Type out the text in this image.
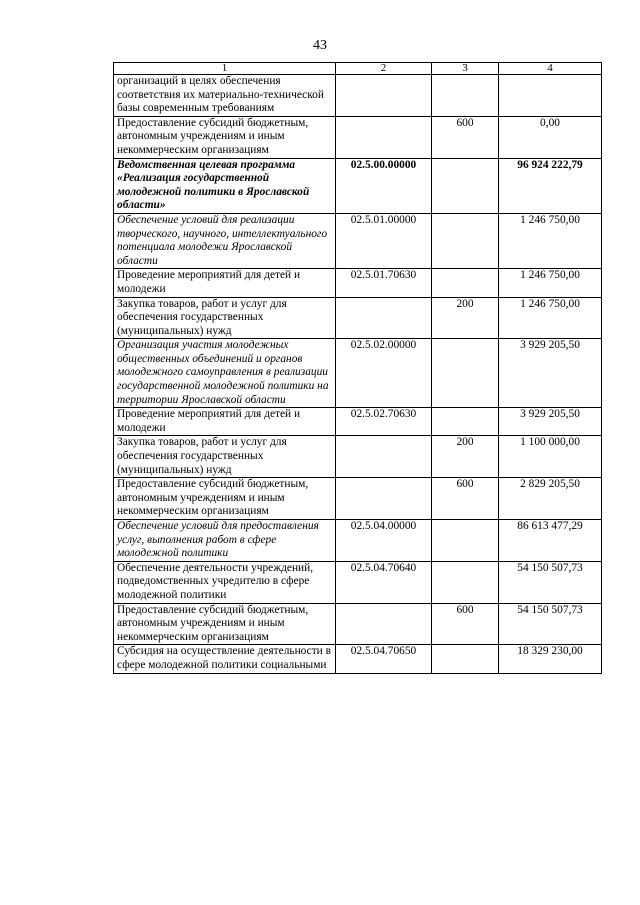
43
1	2	3	4
организаций в целях обеспечения соответствия их материально-технической базы современным требованиям			
Предоставление субсидий бюджетным, автономным учреждениям и иным некоммерческим организациям		600	0,00
Ведомственная целевая программа «Реализация государственной молодежной политики в Ярославской области»	02.5.00.00000		96 924 222,79
Обеспечение условий для реализации творческого, научного, интеллектуального потенциала молодежи Ярославской области	02.5.01.00000		1 246 750,00
Проведение мероприятий для детей и молодежи	02.5.01.70630		1 246 750,00
Закупка товаров, работ и услуг для обеспечения государственных (муниципальных) нужд		200	1 246 750,00
Организация участия молодежных общественных объединений и органов молодежного самоуправления в реализации государственной молодежной политики на территории Ярославской области	02.5.02.00000		3 929 205,50
Проведение мероприятий для детей и молодежи	02.5.02.70630		3 929 205,50
Закупка товаров, работ и услуг для обеспечения государственных (муниципальных) нужд		200	1 100 000,00
Предоставление субсидий бюджетным, автономным учреждениям и иным некоммерческим организациям		600	2 829 205,50
Обеспечение условий для предоставления услуг, выполнения работ в сфере молодежной политики	02.5.04.00000		86 613 477,29
Обеспечение деятельности учреждений, подведомственных учредителю в сфере молодежной политики	02.5.04.70640		54 150 507,73
Предоставление субсидий бюджетным, автономным учреждениям и иным некоммерческим организациям		600	54 150 507,73
Субсидия на осуществление деятельности в сфере молодежной политики социальными	02.5.04.70650		18 329 230,00
